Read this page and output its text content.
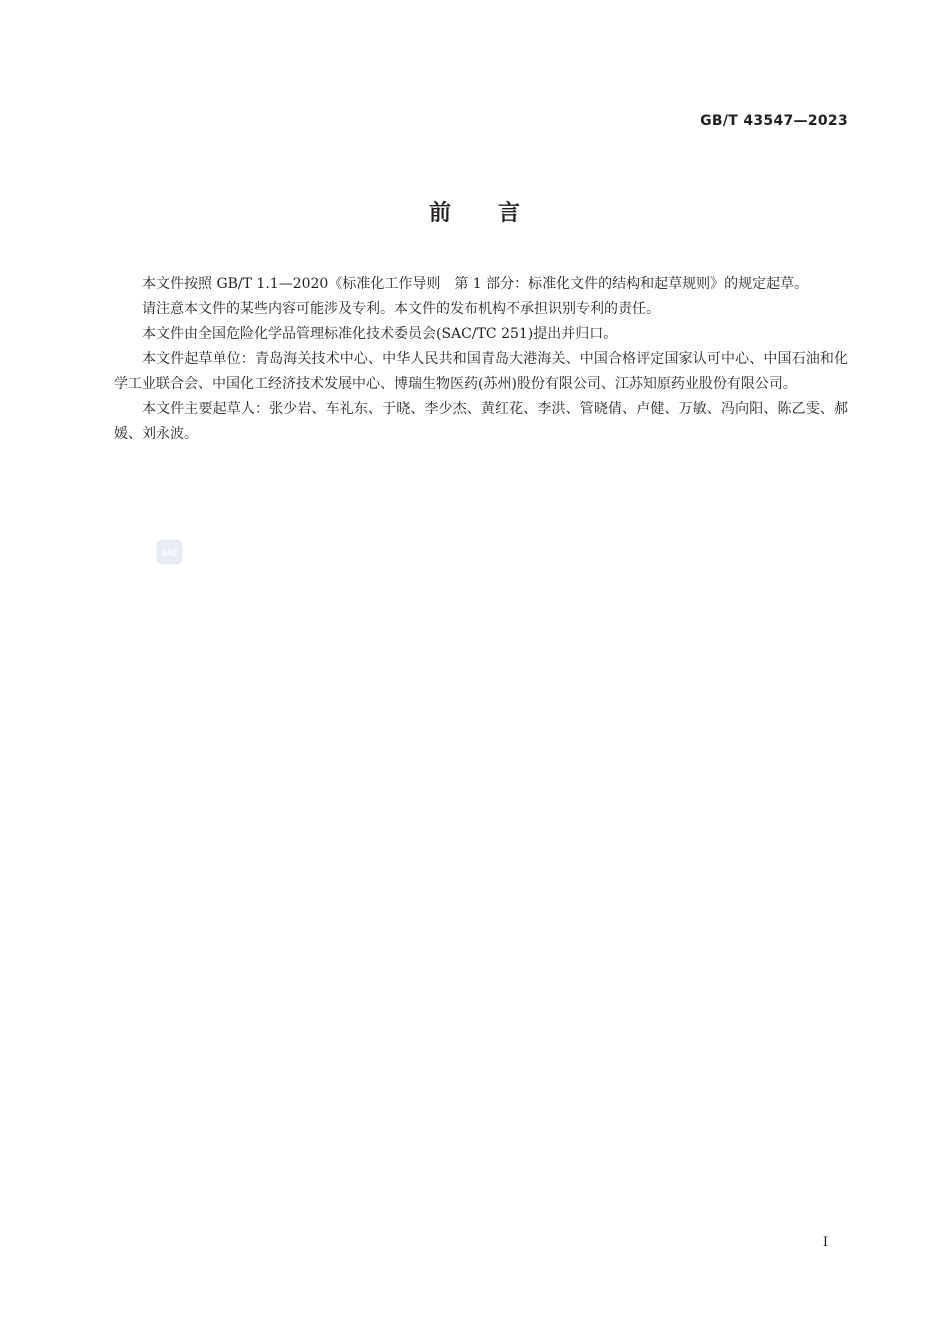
GB/T 43547—2023
前　　言

本文件按照 GB/T 1.1—2020《标准化工作导则　第 1 部分：标准化文件的结构和起草规则》的规定起草。

请注意本文件的某些内容可能涉及专利。本文件的发布机构不承担识别专利的责任。

本文件由全国危险化学品管理标准化技术委员会(SAC/TC 251)提出并归口。

本文件起草单位：青岛海关技术中心、中华人民共和国青岛大港海关、中国合格评定国家认可中心、中国石油和化学工业联合会、中国化工经济技术发展中心、博瑞生物医药(苏州)股份有限公司、江苏知原药业股份有限公司。

本文件主要起草人：张少岩、车礼东、于晓、李少杰、黄红花、李洪、管晓倩、卢健、万敏、冯向阳、陈乙雯、郝媛、刘永波。

SAC
I
